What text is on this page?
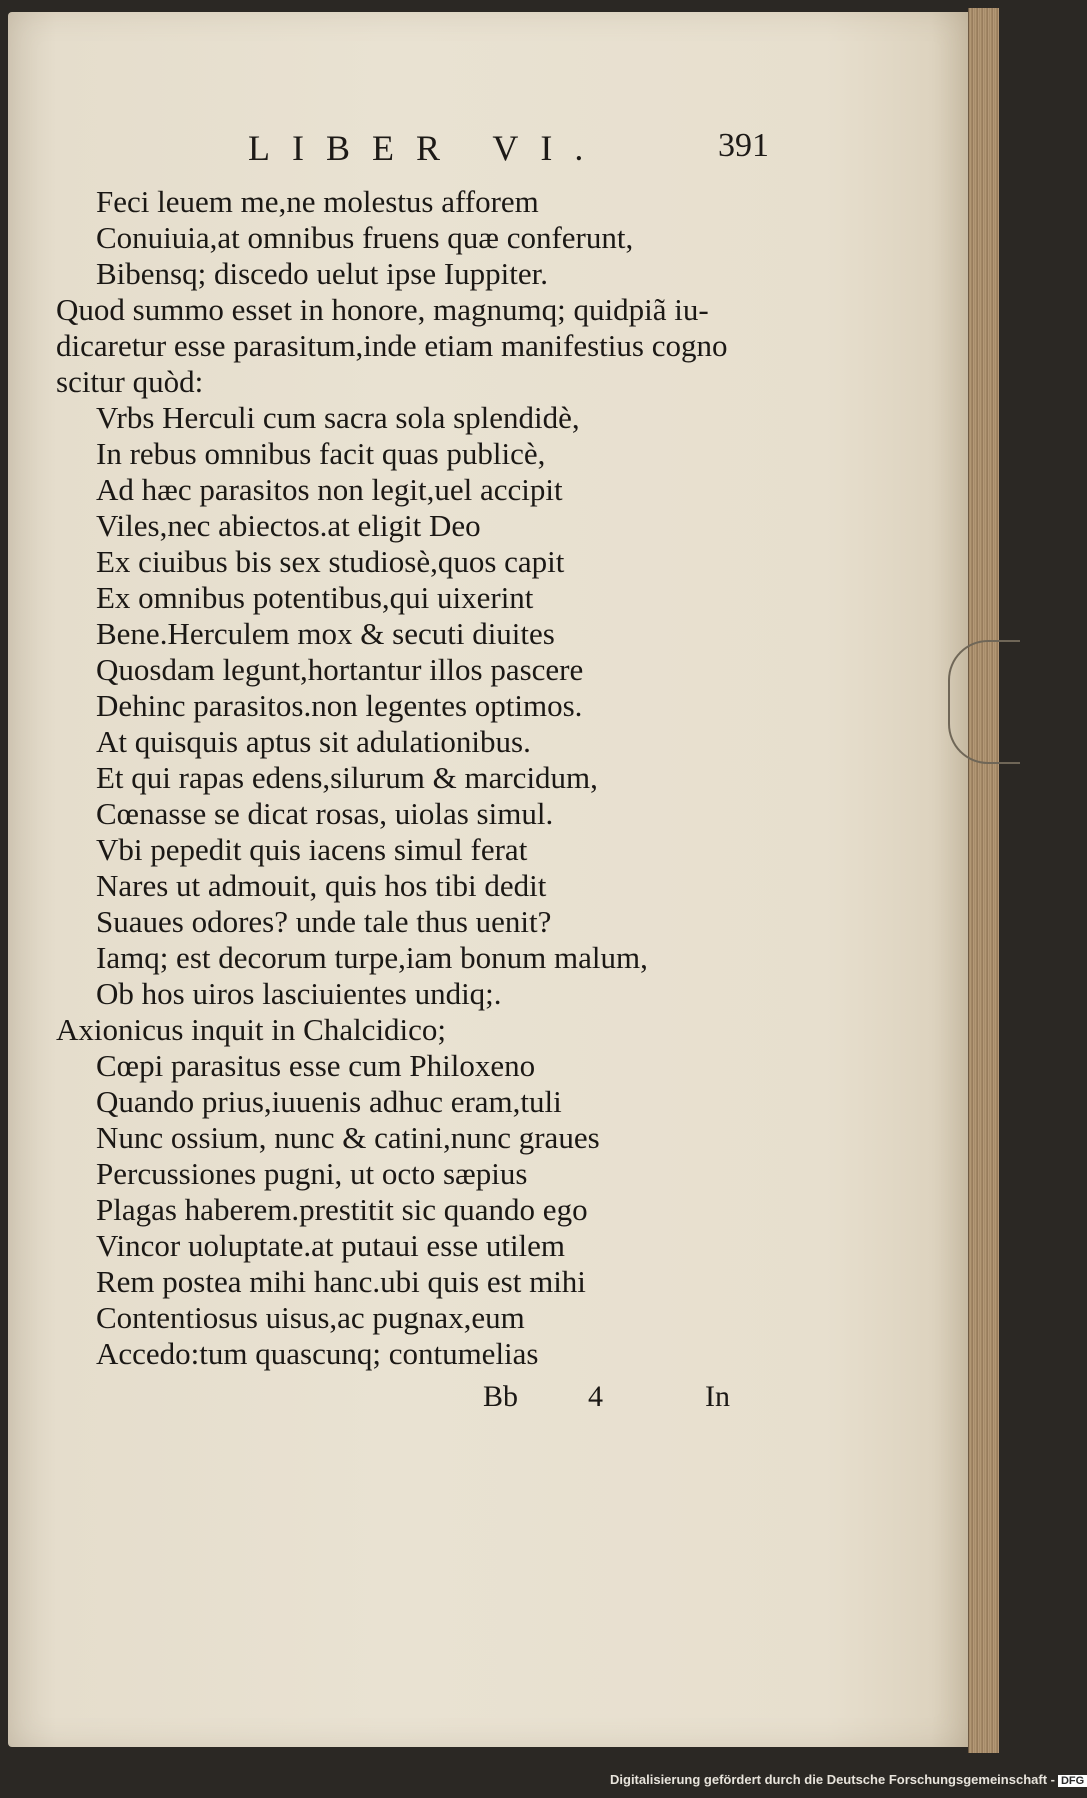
LIBER VI.	391
Feci leuem me,ne molestus afforem
Conuiuia,at omnibus fruens quæ conferunt,
Bibensq; discedo uelut ipse Iuppiter.
Quod summo esset in honore, magnumq; quidpiã iu-
dicaretur esse parasitum,inde etiam manifestius cogno
scitur quòd:
Vrbs Herculi cum sacra sola splendidè,
In rebus omnibus facit quas publicè,
Ad hæc parasitos non legit,uel accipit
Viles,nec abiectos.at eligit Deo
Ex ciuibus bis sex studiosè,quos capit
Ex omnibus potentibus,qui uixerint
Bene.Herculem mox & secuti diuites
Quosdam legunt,hortantur illos pascere
Dehinc parasitos.non legentes optimos.
At quisquis aptus sit adulationibus.
Et qui rapas edens,silurum & marcidum,
Cœnasse se dicat rosas, uiolas simul.
Vbi pepedit quis iacens simul ferat
Nares ut admouit, quis hos tibi dedit
Suaues odores? unde tale thus uenit?
Iamq; est decorum turpe,iam bonum malum,
Ob hos uiros lasciuientes undiq;.
Axionicus inquit in Chalcidico;
Cœpi parasitus esse cum Philoxeno
Quando prius,iuuenis adhuc eram,tuli
Nunc ossium, nunc & catini,nunc graues
Percussiones pugni, ut octo sæpius
Plagas haberem.prestitit sic quando ego
Vincor uoluptate.at putaui esse utilem
Rem postea mihi hanc.ubi quis est mihi
Contentiosus uisus,ac pugnax,eum
Accedo:tum quascunq; contumelias
Bb 4	In
Digitalisierung gefördert durch die Deutsche Forschungsgemeinschaft - DFG
